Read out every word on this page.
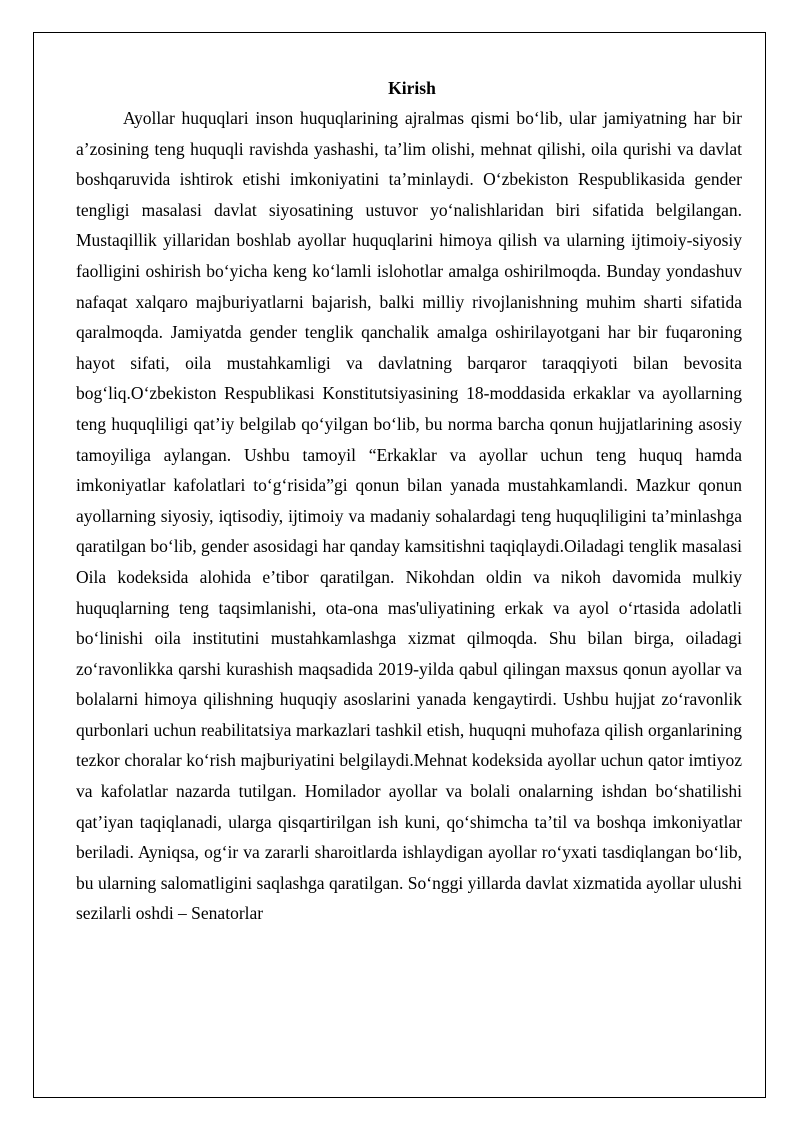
Kirish

Ayollar huquqlari inson huquqlarining ajralmas qismi bo‘lib, ular jamiyatning har bir a’zosining teng huquqli ravishda yashashi, ta’lim olishi, mehnat qilishi, oila qurishi va davlat boshqaruvida ishtirok etishi imkoniyatini ta’minlaydi. O‘zbekiston Respublikasida gender tengligi masalasi davlat siyosatining ustuvor yo‘nalishlaridan biri sifatida belgilangan. Mustaqillik yillaridan boshlab ayollar huquqlarini himoya qilish va ularning ijtimoiy-siyosiy faolligini oshirish bo‘yicha keng ko‘lamli islohotlar amalga oshirilmoqda. Bunday yondashuv nafaqat xalqaro majburiyatlarni bajarish, balki milliy rivojlanishning muhim sharti sifatida qaralmoqda. Jamiyatda gender tenglik qanchalik amalga oshirilayotgani har bir fuqaroning hayot sifati, oila mustahkamligi va davlatning barqaror taraqqiyoti bilan bevosita bog‘liq.O‘zbekiston Respublikasi Konstitutsiyasining 18-moddasida erkaklar va ayollarning teng huquqliligi qat’iy belgilab qo‘yilgan bo‘lib, bu norma barcha qonun hujjatlarining asosiy tamoyiliga aylangan. Ushbu tamoyil “Erkaklar va ayollar uchun teng huquq hamda imkoniyatlar kafolatlari to‘g‘risida”gi qonun bilan yanada mustahkamlandi. Mazkur qonun ayollarning siyosiy, iqtisodiy, ijtimoiy va madaniy sohalardagi teng huquqliligini ta’minlashga qaratilgan bo‘lib, gender asosidagi har qanday kamsitishni taqiqlaydi.Oiladagi tenglik masalasi Oila kodeksida alohida e’tibor qaratilgan. Nikohdan oldin va nikoh davomida mulkiy huquqlarning teng taqsimlanishi, ota-ona mas'uliyatining erkak va ayol o‘rtasida adolatli bo‘linishi oila institutini mustahkamlashga xizmat qilmoqda. Shu bilan birga, oiladagi zo‘ravonlikka qarshi kurashish maqsadida 2019-yilda qabul qilingan maxsus qonun ayollar va bolalarni himoya qilishning huquqiy asoslarini yanada kengaytirdi. Ushbu hujjat zo‘ravonlik qurbonlari uchun reabilitatsiya markazlari tashkil etish, huquqni muhofaza qilish organlarining tezkor choralar ko‘rish majburiyatini belgilaydi.Mehnat kodeksida ayollar uchun qator imtiyoz va kafolatlar nazarda tutilgan. Homilador ayollar va bolali onalarning ishdan bo‘shatilishi qat’iyan taqiqlanadi, ularga qisqartirilgan ish kuni, qo‘shimcha ta’til va boshqa imkoniyatlar beriladi. Ayniqsa, og‘ir va zararli sharoitlarda ishlaydigan ayollar ro‘yxati tasdiqlangan bo‘lib, bu ularning salomatligini saqlashga qaratilgan. So‘nggi yillarda davlat xizmatida ayollar ulushi sezilarli oshdi – Senatorlar
